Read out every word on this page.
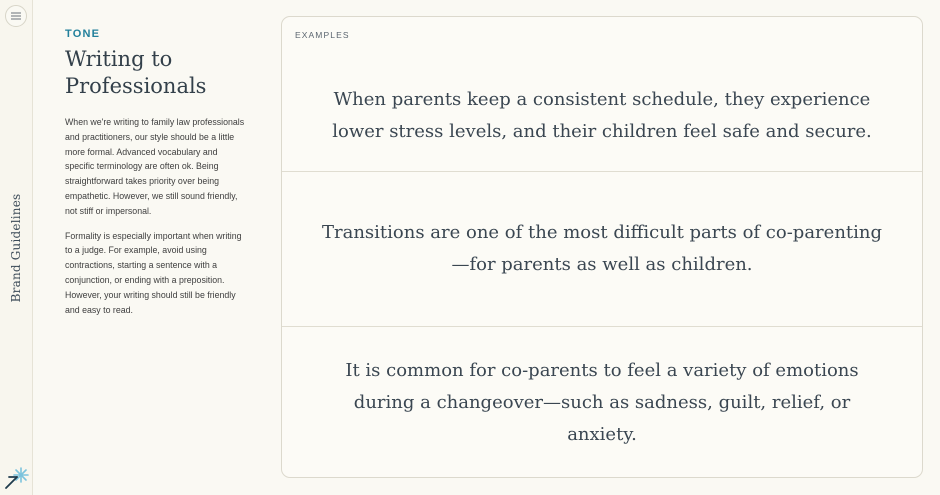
Brand Guidelines
TONE
Writing to Professionals

When we're writing to family law professionals and practitioners, our style should be a little more formal. Advanced vocabulary and specific terminology are often ok. Being straightforward takes priority over being empathetic. However, we still sound friendly, not stiff or impersonal.

Formality is especially important when writing to a judge. For example, avoid using contractions, starting a sentence with a conjunction, or ending with a preposition. However, your writing should still be friendly and easy to read.

EXAMPLES
When parents keep a consistent schedule, they experience lower stress levels, and their children feel safe and secure.
Transitions are one of the most difficult parts of co-parenting—for parents as well as children.
It is common for co-parents to feel a variety of emotions during a changeover—such as sadness, guilt, relief, or anxiety.
